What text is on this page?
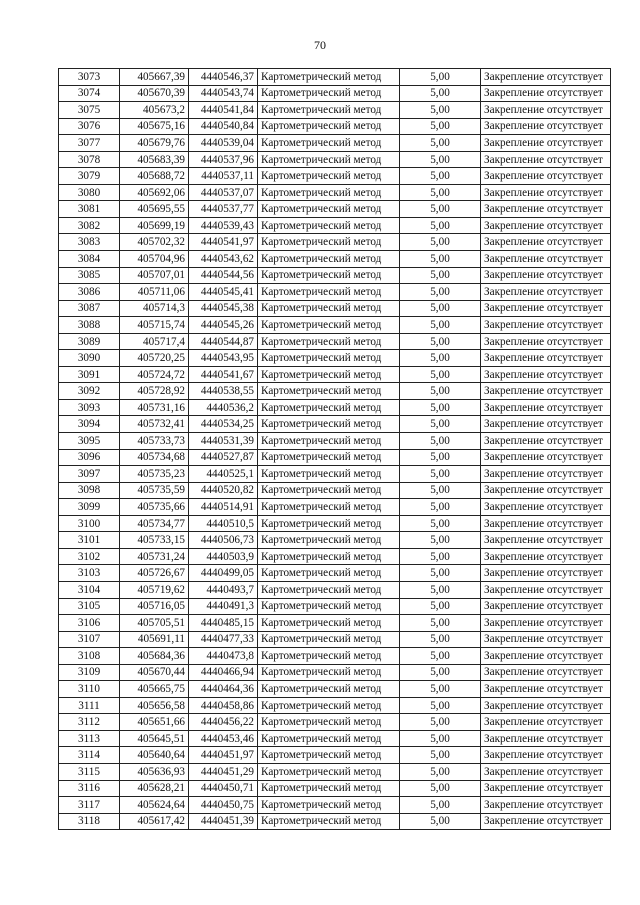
70
3073	405667,39	4440546,37	Картометрический метод	5,00	Закрепление отсутствует
3074	405670,39	4440543,74	Картометрический метод	5,00	Закрепление отсутствует
3075	405673,2	4440541,84	Картометрический метод	5,00	Закрепление отсутствует
3076	405675,16	4440540,84	Картометрический метод	5,00	Закрепление отсутствует
3077	405679,76	4440539,04	Картометрический метод	5,00	Закрепление отсутствует
3078	405683,39	4440537,96	Картометрический метод	5,00	Закрепление отсутствует
3079	405688,72	4440537,11	Картометрический метод	5,00	Закрепление отсутствует
3080	405692,06	4440537,07	Картометрический метод	5,00	Закрепление отсутствует
3081	405695,55	4440537,77	Картометрический метод	5,00	Закрепление отсутствует
3082	405699,19	4440539,43	Картометрический метод	5,00	Закрепление отсутствует
3083	405702,32	4440541,97	Картометрический метод	5,00	Закрепление отсутствует
3084	405704,96	4440543,62	Картометрический метод	5,00	Закрепление отсутствует
3085	405707,01	4440544,56	Картометрический метод	5,00	Закрепление отсутствует
3086	405711,06	4440545,41	Картометрический метод	5,00	Закрепление отсутствует
3087	405714,3	4440545,38	Картометрический метод	5,00	Закрепление отсутствует
3088	405715,74	4440545,26	Картометрический метод	5,00	Закрепление отсутствует
3089	405717,4	4440544,87	Картометрический метод	5,00	Закрепление отсутствует
3090	405720,25	4440543,95	Картометрический метод	5,00	Закрепление отсутствует
3091	405724,72	4440541,67	Картометрический метод	5,00	Закрепление отсутствует
3092	405728,92	4440538,55	Картометрический метод	5,00	Закрепление отсутствует
3093	405731,16	4440536,2	Картометрический метод	5,00	Закрепление отсутствует
3094	405732,41	4440534,25	Картометрический метод	5,00	Закрепление отсутствует
3095	405733,73	4440531,39	Картометрический метод	5,00	Закрепление отсутствует
3096	405734,68	4440527,87	Картометрический метод	5,00	Закрепление отсутствует
3097	405735,23	4440525,1	Картометрический метод	5,00	Закрепление отсутствует
3098	405735,59	4440520,82	Картометрический метод	5,00	Закрепление отсутствует
3099	405735,66	4440514,91	Картометрический метод	5,00	Закрепление отсутствует
3100	405734,77	4440510,5	Картометрический метод	5,00	Закрепление отсутствует
3101	405733,15	4440506,73	Картометрический метод	5,00	Закрепление отсутствует
3102	405731,24	4440503,9	Картометрический метод	5,00	Закрепление отсутствует
3103	405726,67	4440499,05	Картометрический метод	5,00	Закрепление отсутствует
3104	405719,62	4440493,7	Картометрический метод	5,00	Закрепление отсутствует
3105	405716,05	4440491,3	Картометрический метод	5,00	Закрепление отсутствует
3106	405705,51	4440485,15	Картометрический метод	5,00	Закрепление отсутствует
3107	405691,11	4440477,33	Картометрический метод	5,00	Закрепление отсутствует
3108	405684,36	4440473,8	Картометрический метод	5,00	Закрепление отсутствует
3109	405670,44	4440466,94	Картометрический метод	5,00	Закрепление отсутствует
3110	405665,75	4440464,36	Картометрический метод	5,00	Закрепление отсутствует
3111	405656,58	4440458,86	Картометрический метод	5,00	Закрепление отсутствует
3112	405651,66	4440456,22	Картометрический метод	5,00	Закрепление отсутствует
3113	405645,51	4440453,46	Картометрический метод	5,00	Закрепление отсутствует
3114	405640,64	4440451,97	Картометрический метод	5,00	Закрепление отсутствует
3115	405636,93	4440451,29	Картометрический метод	5,00	Закрепление отсутствует
3116	405628,21	4440450,71	Картометрический метод	5,00	Закрепление отсутствует
3117	405624,64	4440450,75	Картометрический метод	5,00	Закрепление отсутствует
3118	405617,42	4440451,39	Картометрический метод	5,00	Закрепление отсутствует
